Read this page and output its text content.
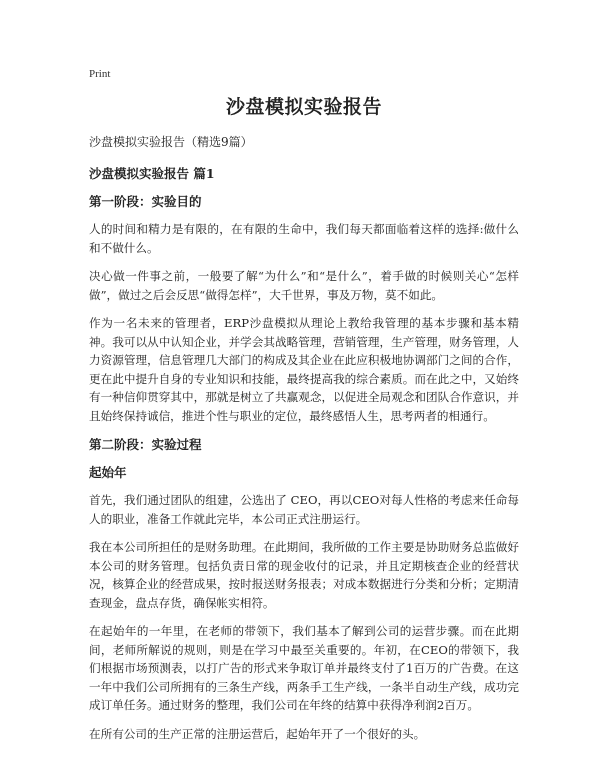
Print
沙盘模拟实验报告
沙盘模拟实验报告（精选9篇）
沙盘模拟实验报告 篇1
第一阶段：实验目的

人的时间和精力是有限的，在有限的生命中，我们每天都面临着这样的选择:做什么和不做什么。

决心做一件事之前，一般要了解“为什么”和“是什么”，着手做的时候则关心“怎样做”，做过之后会反思“做得怎样”，大千世界，事及万物，莫不如此。

作为一名未来的管理者，ERP沙盘模拟从理论上教给我管理的基本步骤和基本精神。我可以从中认知企业，并学会其战略管理，营销管理，生产管理，财务管理，人力资源管理，信息管理几大部门的构成及其企业在此应积极地协调部门之间的合作，更在此中提升自身的专业知识和技能，最终提高我的综合素质。而在此之中，又始终有一种信仰贯穿其中，那就是树立了共赢观念，以促进全局观念和团队合作意识，并且始终保持诚信，推进个性与职业的定位，最终感悟人生，思考两者的相通行。

第二阶段：实验过程
起始年

首先，我们通过团队的组建，公选出了 CEO，再以CEO对每人性格的考虑来任命每人的职业，准备工作就此完毕，本公司正式注册运行。

我在本公司所担任的是财务助理。在此期间，我所做的工作主要是协助财务总监做好本公司的财务管理。包括负责日常的现金收付的记录，并且定期核查企业的经营状况，核算企业的经营成果，按时报送财务报表；对成本数据进行分类和分析；定期清查现金，盘点存货，确保帐实相符。

在起始年的一年里，在老师的带领下，我们基本了解到公司的运营步骤。而在此期间，老师所解说的规则，则是在学习中最至关重要的。年初，在CEO的带领下，我们根据市场预测表，以打广告的形式来争取订单并最终支付了1百万的广告费。在这一年中我们公司所拥有的三条生产线，两条手工生产线，一条半自动生产线，成功完成订单任务。通过财务的整理，我们公司在年终的结算中获得净利润2百万。

在所有公司的生产正常的注册运营后，起始年开了一个很好的头。
